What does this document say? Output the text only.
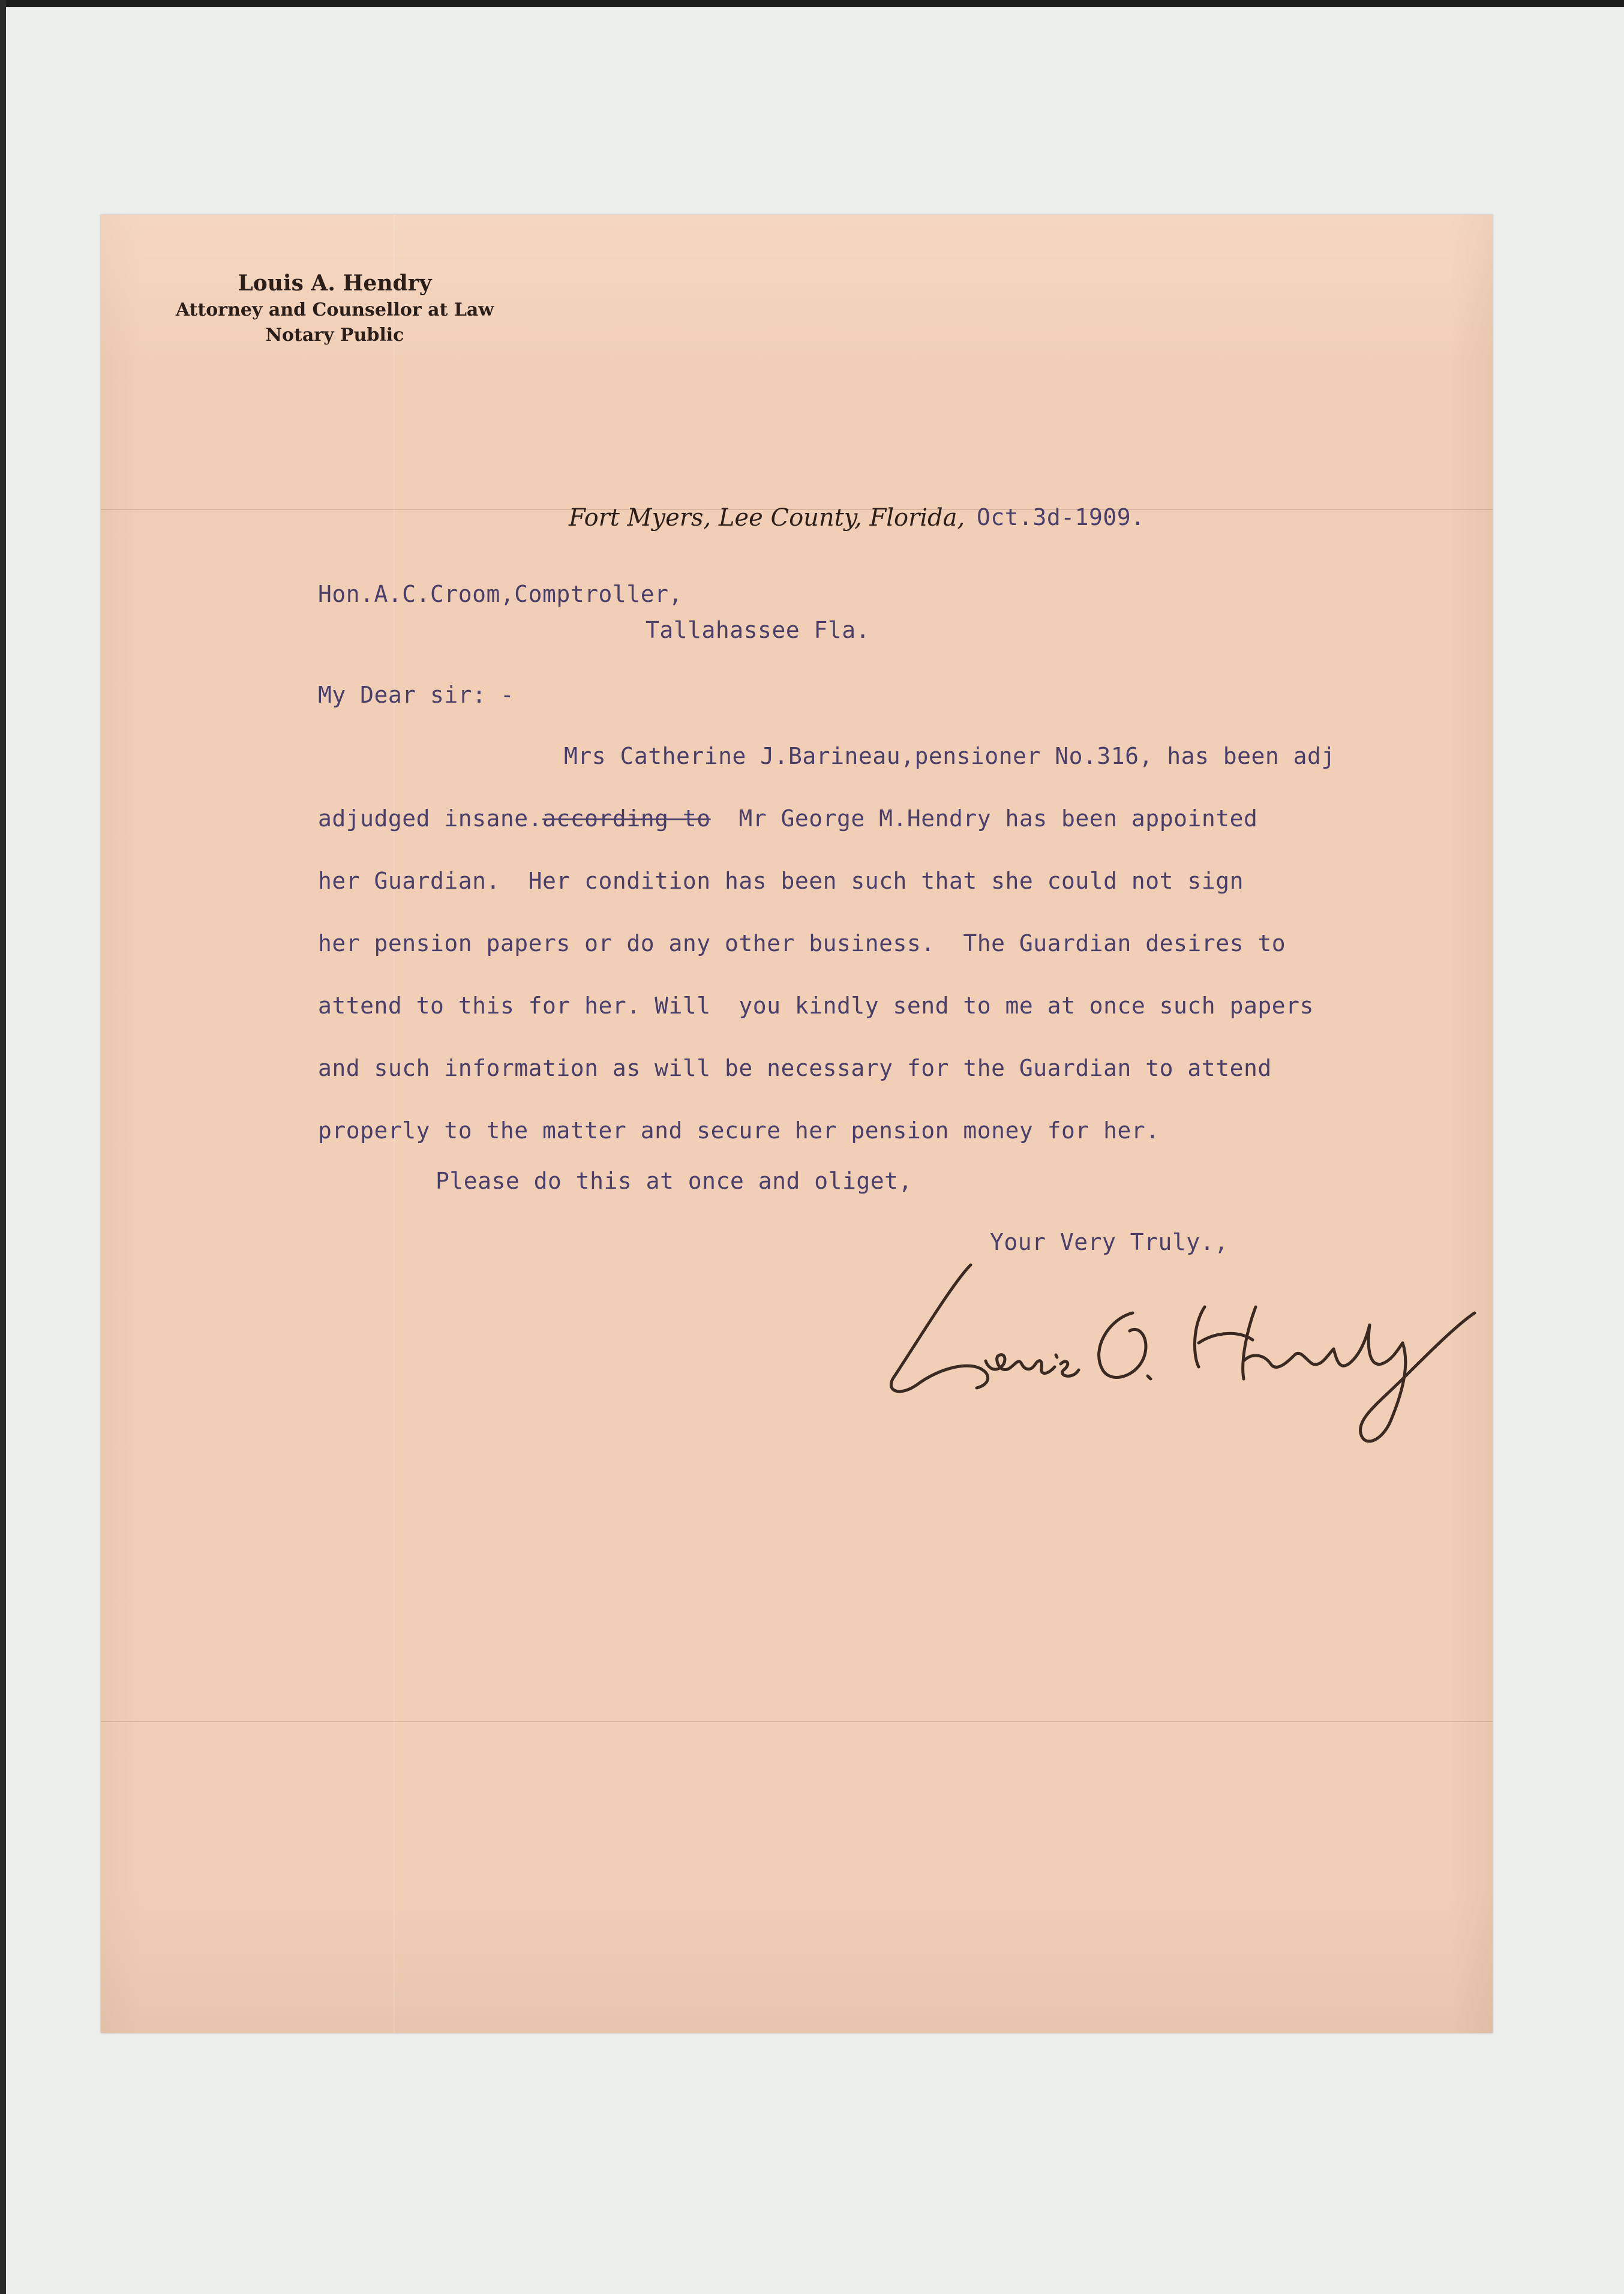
Louis A. Hendry
Attorney and Counsellor at Law
Notary Public
Fort Myers, Lee County, Florida, Oct.3d-1909.
Hon.A.C.Croom,Comptroller,
Tallahassee Fla.
My Dear sir: -
Mrs Catherine J.Barineau,pensioner No.316, has been adj
adjudged insane.according to  Mr George M.Hendry has been appointed
her Guardian.  Her condition has been such that she could not sign
her pension papers or do any other business.  The Guardian desires to
attend to this for her. Will  you kindly send to me at once such papers
and such information as will be necessary for the Guardian to attend
properly to the matter and secure her pension money for her.
Please do this at once and oliget,
Your Very Truly.,
Louis A. Hendry
